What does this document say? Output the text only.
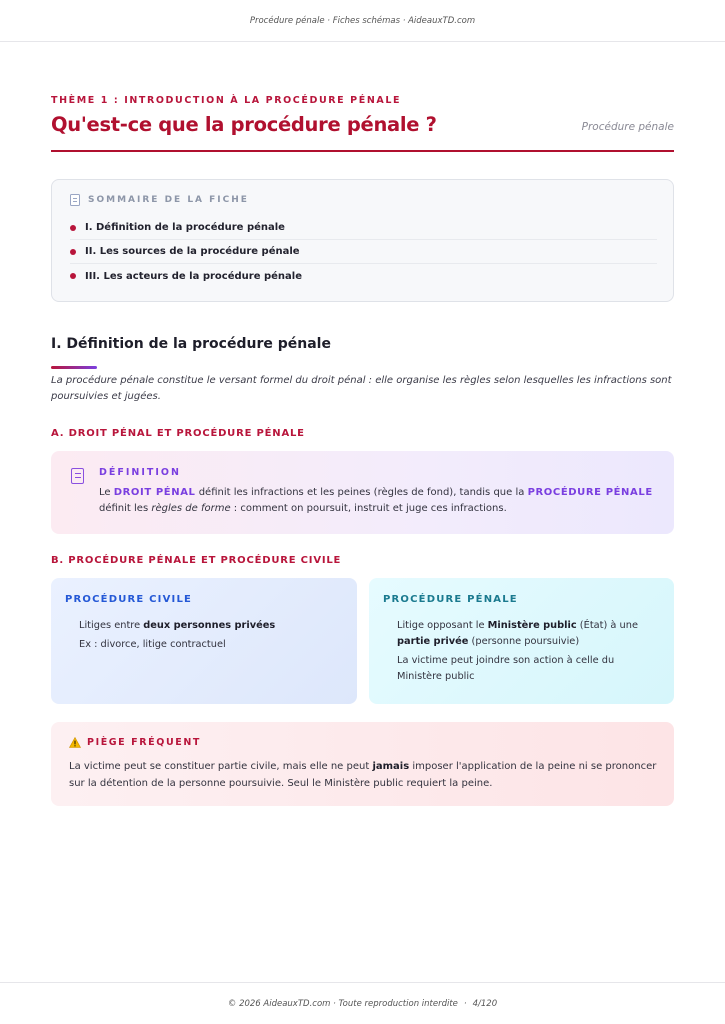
Procédure pénale · Fiches schémas · AideauxTD.com
THÈME 1 : INTRODUCTION À LA PROCÉDURE PÉNALE
Qu'est-ce que la procédure pénale ?	Procédure pénale
SOMMAIRE DE LA FICHE
I. Définition de la procédure pénale
II. Les sources de la procédure pénale
III. Les acteurs de la procédure pénale
I. Définition de la procédure pénale
La procédure pénale constitue le versant formel du droit pénal : elle organise les règles selon lesquelles les infractions sont poursuivies et jugées.
A. DROIT PÉNAL ET PROCÉDURE PÉNALE
DÉFINITION
Le DROIT PÉNAL définit les infractions et les peines (règles de fond), tandis que la PROCÉDURE PÉNALE définit les règles de forme : comment on poursuit, instruit et juge ces infractions.
B. PROCÉDURE PÉNALE ET PROCÉDURE CIVILE
PROCÉDURE CIVILE
Litiges entre deux personnes privées
Ex : divorce, litige contractuel
PROCÉDURE PÉNALE
Litige opposant le Ministère public (État) à une partie privée (personne poursuivie)
La victime peut joindre son action à celle du Ministère public
PIÈGE FRÉQUENT
La victime peut se constituer partie civile, mais elle ne peut jamais imposer l'application de la peine ni se prononcer sur la détention de la personne poursuivie. Seul le Ministère public requiert la peine.
© 2026 AideauxTD.com · Toute reproduction interdite · 4/120
